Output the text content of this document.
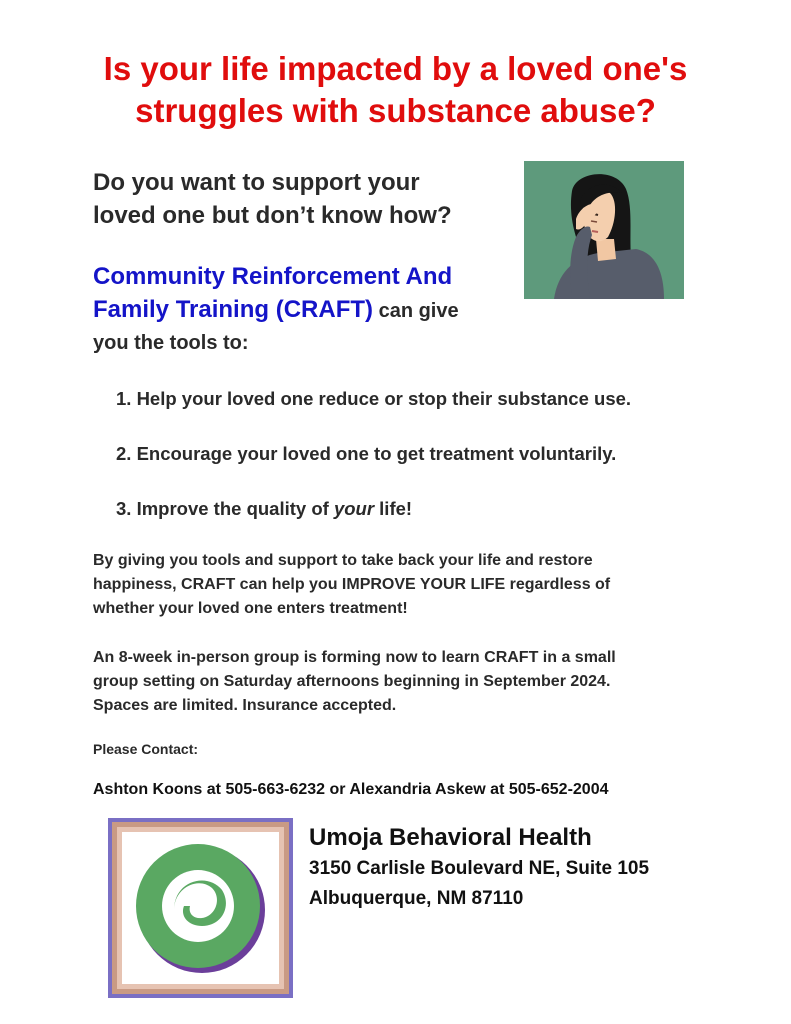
Is your life impacted by a loved one's
struggles with substance abuse?
Do you want to support your
loved one but don’t know how?
Community Reinforcement And
Family Training (CRAFT) can give
you the tools to:
1. Help your loved one reduce or stop their substance use.
2. Encourage your loved one to get treatment voluntarily.
3. Improve the quality of your life!
By giving you tools and support to take back your life and restore
happiness, CRAFT can help you IMPROVE YOUR LIFE regardless of
whether your loved one enters treatment!
An 8-week in-person group is forming now to learn CRAFT in a small
group setting on Saturday afternoons beginning in September 2024.
Spaces are limited. Insurance accepted.
Please Contact:
Ashton Koons at 505-663-6232 or Alexandria Askew at 505-652-2004
Umoja Behavioral Health
3150 Carlisle Boulevard NE, Suite 105
Albuquerque, NM 87110
